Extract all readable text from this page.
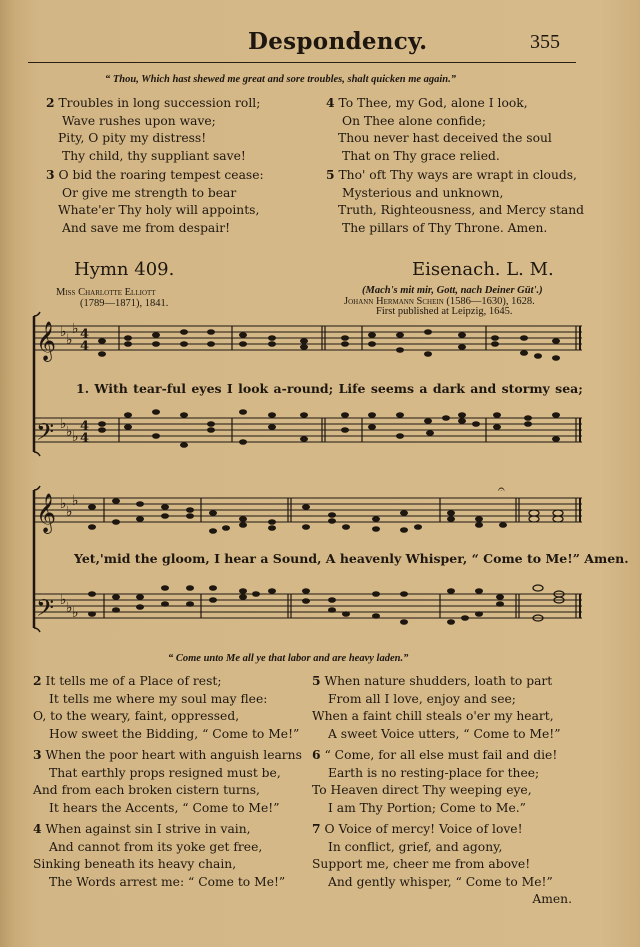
Despondency.	355
“ Thou, Which hast shewed me great and sore troubles, shalt quicken me again.”
2 Troubles in long succession roll;
Wave rushes upon wave;
Pity, O pity my distress!
Thy child, thy suppliant save!
3 O bid the roaring tempest cease:
Or give me strength to bear
Whate'er Thy holy will appoints,
And save me from despair!
4 To Thee, my God, alone I look,
On Thee alone confide;
Thou never hast deceived the soul
That on Thy grace relied.
5 Tho' oft Thy ways are wrapt in clouds,
Mysterious and unknown,
Truth, Righteousness, and Mercy stand
The pillars of Thy Throne. Amen.
Hymn 409.
Miss Charlotte Elliott
(1789—1871), 1841.
Eisenach. L. M.
(Mach's mit mir, Gott, nach Deiner Güt'.)
Johann Hermann Schein (1586—1630), 1628.
First published at Leipzig, 1645.
𝄞
𝄢
𝄞
𝄢
♭ ♭
♭
♭ ♭ ♭
♭ ♭
♭
♭ ♭ ♭
4
4
4
4
𝄐
1. With tear-ful eyes I look a-round; Life seems a dark and stormy sea;
Yet,'mid the gloom, I hear a Sound, A heavenly Whisper, “ Come to Me!” Amen.
“ Come unto Me all ye that labor and are heavy laden.”
2 It tells me of a Place of rest;
It tells me where my soul may flee:
O, to the weary, faint, oppressed,
How sweet the Bidding, “ Come to Me!”
3 When the poor heart with anguish learns
That earthly props resigned must be,
And from each broken cistern turns,
It hears the Accents, “ Come to Me!”
4 When against sin I strive in vain,
And cannot from its yoke get free,
Sinking beneath its heavy chain,
The Words arrest me: “ Come to Me!”
5 When nature shudders, loath to part
From all I love, enjoy and see;
When a faint chill steals o'er my heart,
A sweet Voice utters, “ Come to Me!”
6 “ Come, for all else must fail and die!
Earth is no resting-place for thee;
To Heaven direct Thy weeping eye,
I am Thy Portion; Come to Me.”
7 O Voice of mercy! Voice of love!
In conflict, grief, and agony,
Support me, cheer me from above!
And gently whisper, “ Come to Me!”
Amen.
